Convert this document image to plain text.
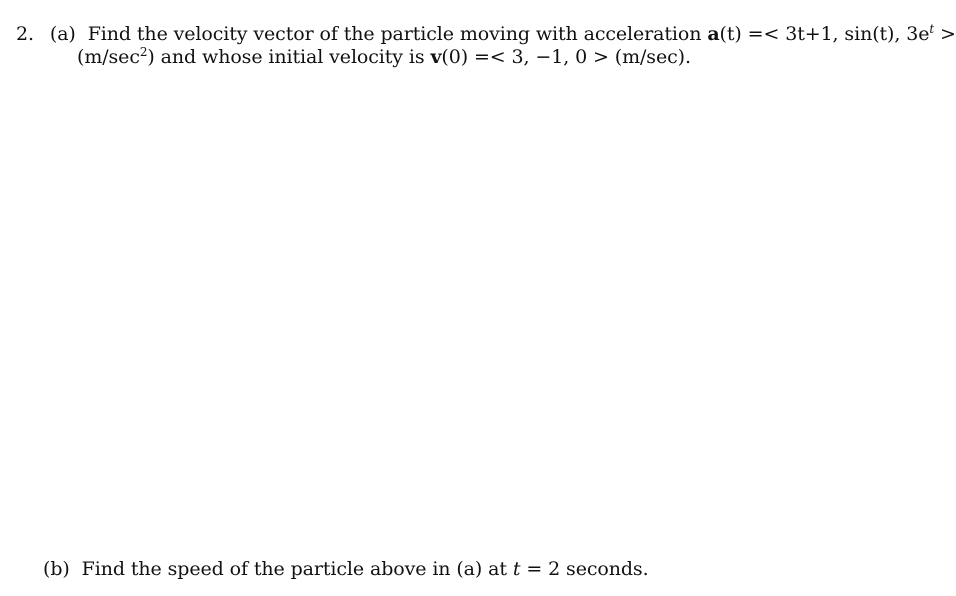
2. (a) Find the velocity vector of the particle moving with acceleration a(t) =< 3t+1, sin(t), $3e^t$ >
$(m/\sec^2)$ and whose initial velocity is v(0) =< 3, −1, 0 > (m/sec).
(b) Find the speed of the particle above in (a) at t = 2 seconds.
